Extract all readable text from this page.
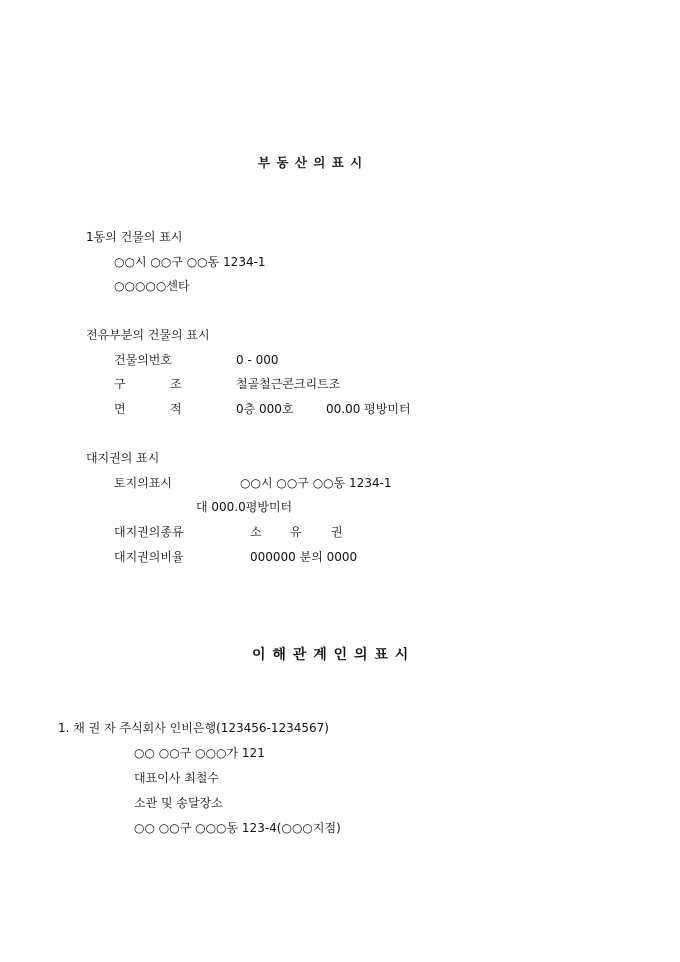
부 동 산 의 표 시
1동의 건물의 표시
○○시 ○○구 ○○동 1234-1
○○○○○센타
전유부분의 건물의 표시
건물의번호	0 - 000
구	조	철골철근콘크리트조
면	적	0층 000호	00.00 평방미터
대지권의 표시
토지의표시	○○시 ○○구 ○○동 1234-1
대 000.0평방미터
대지권의종류	소 유 권
대지권의비율	000000 분의 0000
이 해 관 계 인 의 표 시
1. 채 권 자 주식회사 인비은행(123456-1234567)
○○ ○○구 ○○○가 121
대표이사 최철수
소관 및 송달장소
○○ ○○구 ○○○동 123-4(○○○지점)
